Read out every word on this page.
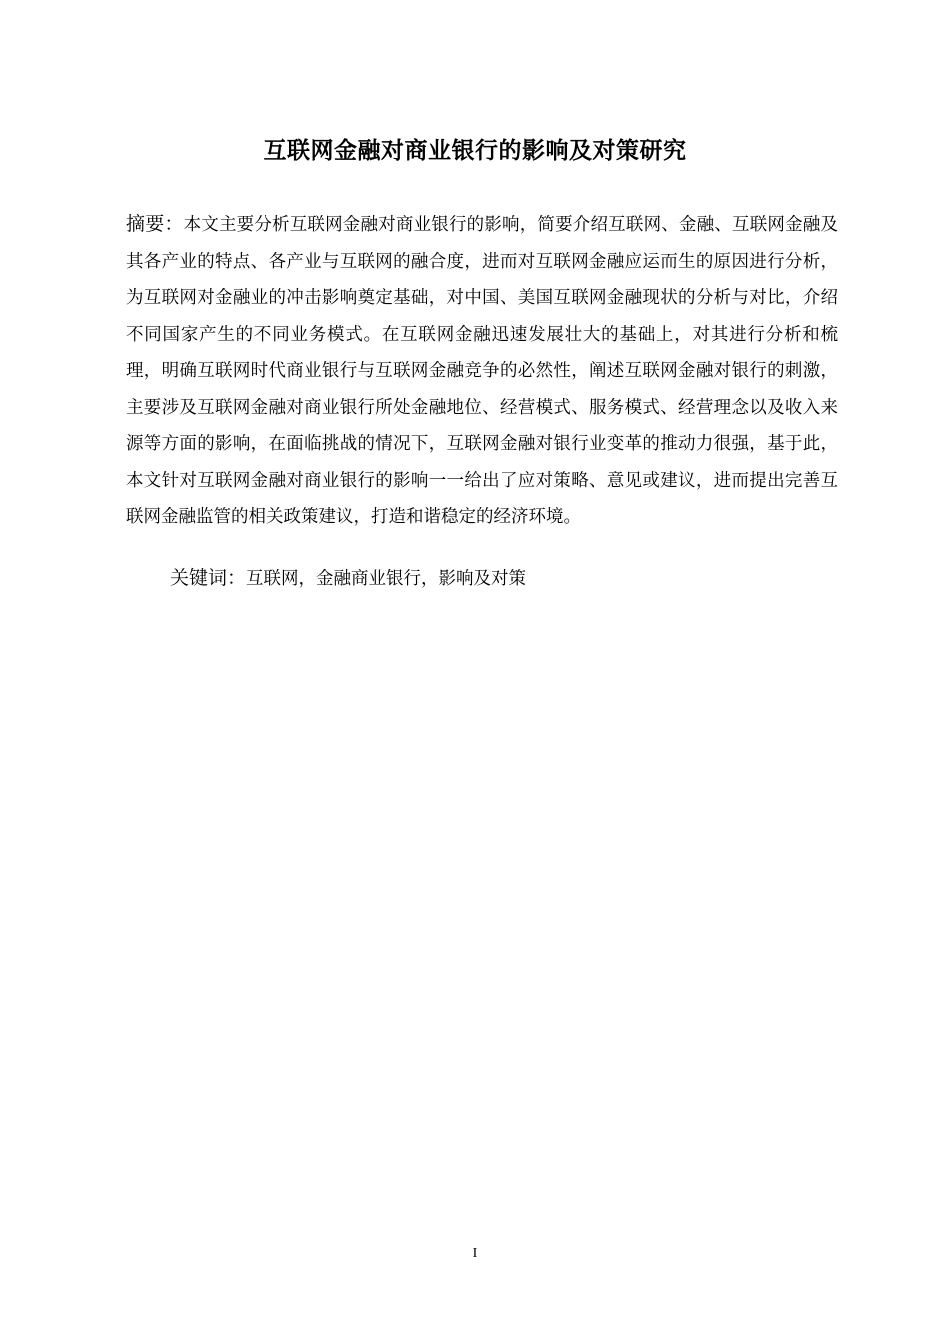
互联网金融对商业银行的影响及对策研究

摘要：本文主要分析互联网金融对商业银行的影响，简要介绍互联网、金融、互联网金融及其各产业的特点、各产业与互联网的融合度，进而对互联网金融应运而生的原因进行分析，为互联网对金融业的冲击影响奠定基础，对中国、美国互联网金融现状的分析与对比，介绍不同国家产生的不同业务模式。在互联网金融迅速发展壮大的基础上，对其进行分析和梳理，明确互联网时代商业银行与互联网金融竞争的必然性，阐述互联网金融对银行的刺激，主要涉及互联网金融对商业银行所处金融地位、经营模式、服务模式、经营理念以及收入来源等方面的影响，在面临挑战的情况下，互联网金融对银行业变革的推动力很强，基于此，本文针对互联网金融对商业银行的影响一一给出了应对策略、意见或建议，进而提出完善互联网金融监管的相关政策建议，打造和谐稳定的经济环境。

关键词：互联网，金融商业银行，影响及对策

I
